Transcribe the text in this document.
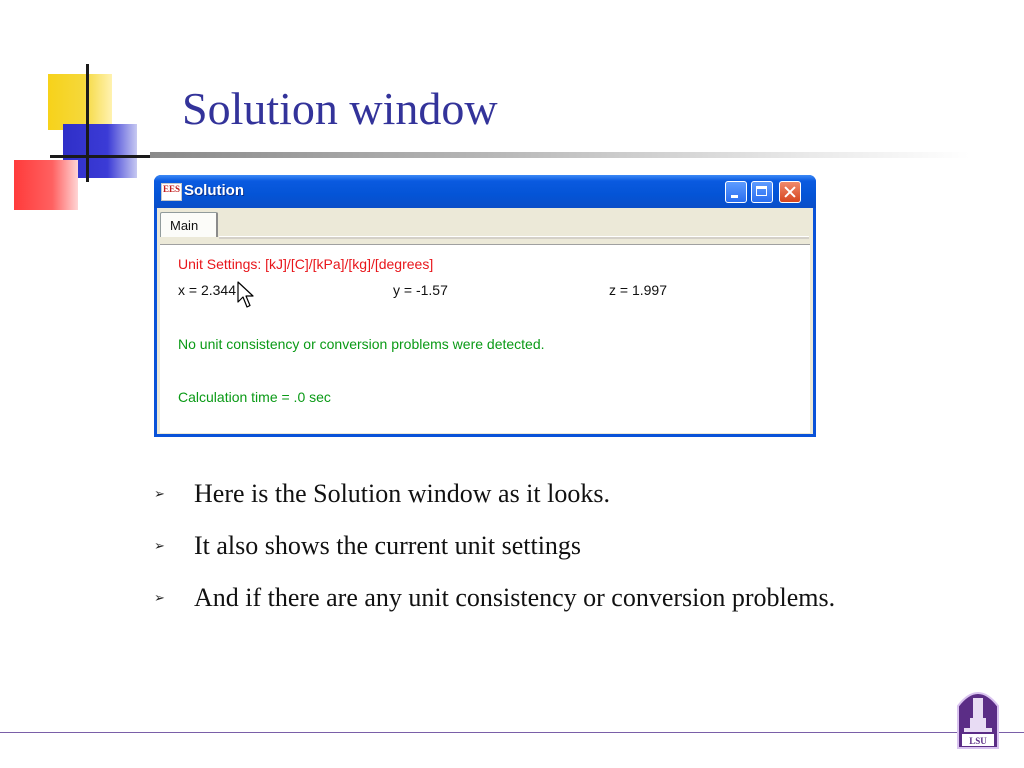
Solution window
EES Solution
Main
Unit Settings: [kJ]/[C]/[kPa]/[kg]/[degrees]
x = 2.344	y = -1.57	z = 1.997
No unit consistency or conversion problems were detected.
Calculation time = .0 sec
➢ Here is the Solution window as it looks.
➢ It also shows the current unit settings
➢ And if there are any unit consistency or conversion problems.
LSU
